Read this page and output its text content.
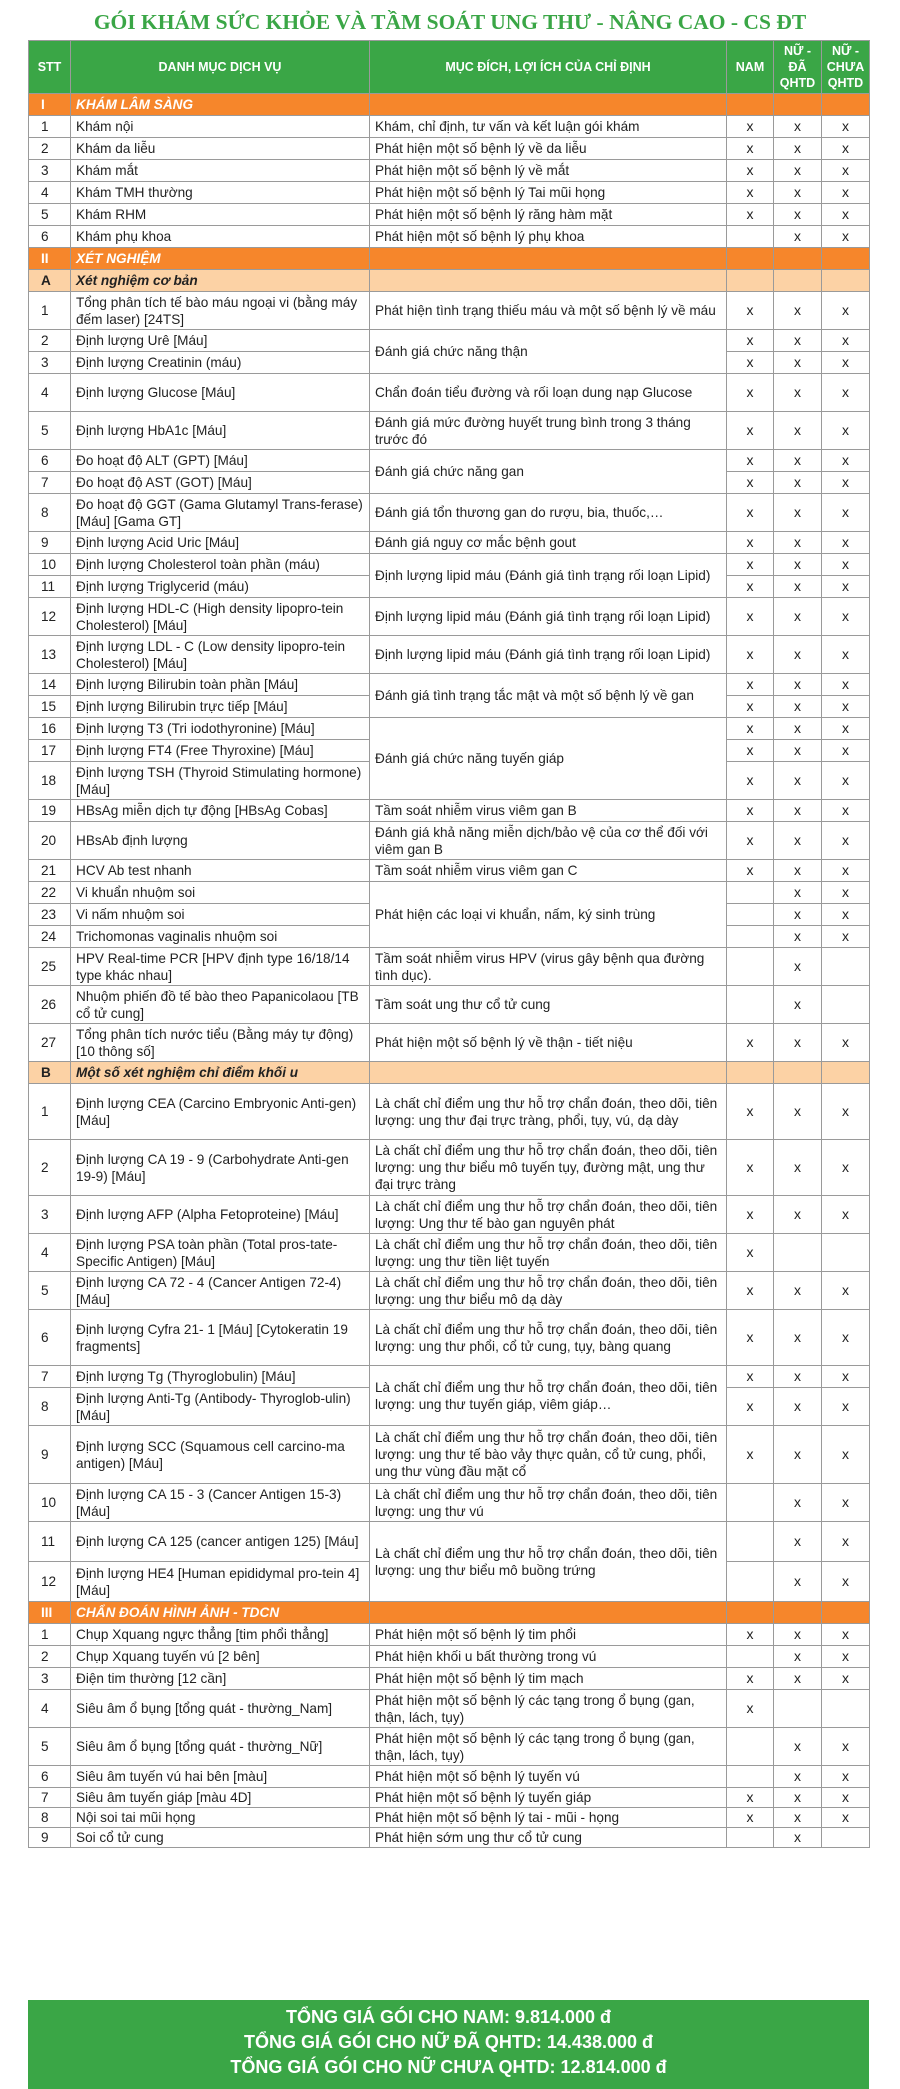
GÓI KHÁM SỨC KHỎE VÀ TẦM SOÁT UNG THƯ - NÂNG CAO - CS ĐT
STT	DANH MỤC DỊCH VỤ	MỤC ĐÍCH, LỢI ÍCH CỦA CHỈ ĐỊNH	NAM	NỮ - ĐÃ QHTD	NỮ - CHƯA QHTD
I	KHÁM LÂM SÀNG				
1	Khám nội	Khám, chỉ định, tư vấn và kết luận gói khám	x	x	x
2	Khám da liễu	Phát hiện một số bệnh lý về da liễu	x	x	x
3	Khám mắt	Phát hiện một số bệnh lý về mắt	x	x	x
4	Khám TMH thường	Phát hiện một số bệnh lý Tai mũi họng	x	x	x
5	Khám RHM	Phát hiện một số bệnh lý răng hàm mặt	x	x	x
6	Khám phụ khoa	Phát hiện một số bệnh lý phụ khoa		x	x
II	XÉT NGHIỆM				
A	Xét nghiệm cơ bản				
1	Tổng phân tích tế bào máu ngoại vi (bằng máy đếm laser) [24TS]	Phát hiện tình trạng thiếu máu và một số bệnh lý về máu	x	x	x
2	Định lượng Urê [Máu]	Đánh giá chức năng thận	x	x	x
3	Định lượng Creatinin (máu)		x	x	x
4	Định lượng Glucose [Máu]	Chẩn đoán tiểu đường và rối loạn dung nạp Glucose	x	x	x
5	Định lượng HbA1c [Máu]	Đánh giá mức đường huyết trung bình trong 3 tháng trước đó	x	x	x
6	Đo hoạt độ ALT (GPT) [Máu]	Đánh giá chức năng gan	x	x	x
7	Đo hoạt độ AST (GOT) [Máu]		x	x	x
8	Đo hoạt độ GGT (Gama Glutamyl Trans-ferase) [Máu] [Gama GT]	Đánh giá tổn thương gan do rượu, bia, thuốc,…	x	x	x
9	Định lượng Acid Uric [Máu]	Đánh giá nguy cơ mắc bệnh gout	x	x	x
10	Định lượng Cholesterol toàn phần (máu)	Định lượng lipid máu (Đánh giá tình trạng rối loạn Lipid)	x	x	x
11	Định lượng Triglycerid (máu)		x	x	x
12	Định lượng HDL-C (High density lipopro-tein Cholesterol) [Máu]	Định lượng lipid máu (Đánh giá tình trạng rối loạn Lipid)	x	x	x
13	Định lượng LDL - C (Low density lipopro-tein Cholesterol) [Máu]	Định lượng lipid máu (Đánh giá tình trạng rối loạn Lipid)	x	x	x
14	Định lượng Bilirubin toàn phần [Máu]	Đánh giá tình trạng tắc mật và một số bệnh lý về gan	x	x	x
15	Định lượng Bilirubin trực tiếp [Máu]		x	x	x
16	Định lượng T3 (Tri iodothyronine) [Máu]	Đánh giá chức năng tuyến giáp	x	x	x
17	Định lượng FT4 (Free Thyroxine) [Máu]		x	x	x
18	Định lượng TSH (Thyroid Stimulating hormone) [Máu]		x	x	x
19	HBsAg miễn dịch tự động [HBsAg Cobas]	Tầm soát nhiễm virus viêm gan B	x	x	x
20	HBsAb định lượng	Đánh giá khả năng miễn dịch/bảo vệ của cơ thể đối với viêm gan B	x	x	x
21	HCV Ab test nhanh	Tầm soát nhiễm virus viêm gan C	x	x	x
22	Vi khuẩn nhuộm soi	Phát hiện các loại vi khuẩn, nấm, ký sinh trùng		x	x
23	Vi nấm nhuộm soi			x	x
24	Trichomonas vaginalis nhuộm soi			x	x
25	HPV Real-time PCR [HPV định type 16/18/14 type khác nhau]	Tầm soát nhiễm virus HPV (virus gây bệnh qua đường tình dục).		x	
26	Nhuộm phiến đồ tế bào theo Papanicolaou [TB cổ tử cung]	Tầm soát ung thư cổ tử cung		x	
27	Tổng phân tích nước tiểu (Bằng máy tự động) [10 thông số]	Phát hiện một số bệnh lý về thận - tiết niệu	x	x	x
B	Một số xét nghiệm chỉ điểm khối u				
1	Định lượng CEA (Carcino Embryonic Anti-gen) [Máu]	Là chất chỉ điểm ung thư hỗ trợ chẩn đoán, theo dõi, tiên lượng: ung thư đại trực tràng, phổi, tụy, vú, dạ dày	x	x	x
2	Định lượng CA 19 - 9 (Carbohydrate Anti-gen 19-9) [Máu]	Là chất chỉ điểm ung thư hỗ trợ chẩn đoán, theo dõi, tiên lượng: ung thư biểu mô tuyến tụy, đường mật, ung thư đại trực tràng	x	x	x
3	Định lượng AFP (Alpha Fetoproteine) [Máu]	Là chất chỉ điểm ung thư hỗ trợ chẩn đoán, theo dõi, tiên lượng: Ung thư tế bào gan nguyên phát	x	x	x
4	Định lượng PSA toàn phần (Total pros-tate-Specific Antigen) [Máu]	Là chất chỉ điểm ung thư hỗ trợ chẩn đoán, theo dõi, tiên lượng: ung thư tiền liệt tuyến	x		
5	Định lượng CA 72 - 4 (Cancer Antigen 72-4) [Máu]	Là chất chỉ điểm ung thư hỗ trợ chẩn đoán, theo dõi, tiên lượng: ung thư biểu mô dạ dày	x	x	x
6	Định lượng Cyfra 21- 1 [Máu] [Cytokeratin 19 fragments]	Là chất chỉ điểm ung thư hỗ trợ chẩn đoán, theo dõi, tiên lượng: ung thư phổi, cổ tử cung, tụy, bàng quang	x	x	x
7	Định lượng Tg (Thyroglobulin) [Máu]	Là chất chỉ điểm ung thư hỗ trợ chẩn đoán, theo dõi, tiên lượng: ung thư tuyến giáp, viêm giáp…	x	x	x
8	Định lượng Anti-Tg (Antibody- Thyroglob-ulin) [Máu]		x	x	x
9	Định lượng SCC (Squamous cell carcino-ma antigen) [Máu]	Là chất chỉ điểm ung thư hỗ trợ chẩn đoán, theo dõi, tiên lượng: ung thư tế bào vảy thực quản, cổ tử cung, phổi, ung thư vùng đầu mặt cổ	x	x	x
10	Định lượng CA 15 - 3 (Cancer Antigen 15-3) [Máu]	Là chất chỉ điểm ung thư hỗ trợ chẩn đoán, theo dõi, tiên lượng: ung thư vú		x	x
11	Định lượng CA 125 (cancer antigen 125) [Máu]	Là chất chỉ điểm ung thư hỗ trợ chẩn đoán, theo dõi, tiên lượng: ung thư biểu mô buồng trứng		x	x
12	Định lượng HE4 [Human epididymal pro-tein 4] [Máu]			x	x
III	CHẨN ĐOÁN HÌNH ẢNH - TDCN				
1	Chụp Xquang ngực thẳng [tim phổi thẳng]	Phát hiện một số bệnh lý tim phổi	x	x	x
2	Chụp Xquang tuyến vú [2 bên]	Phát hiện khối u bất thường trong vú		x	x
3	Điện tim thường [12 cần]	Phát hiện một số bệnh lý tim mạch	x	x	x
4	Siêu âm ổ bụng [tổng quát - thường_Nam]	Phát hiện một số bệnh lý các tạng trong ổ bụng (gan, thận, lách, tụy)	x		
5	Siêu âm ổ bụng [tổng quát - thường_Nữ]	Phát hiện một số bệnh lý các tạng trong ổ bụng (gan, thận, lách, tụy)		x	x
6	Siêu âm tuyến vú hai bên [màu]	Phát hiện một số bệnh lý tuyến vú		x	x
7	Siêu âm tuyến giáp [màu 4D]	Phát hiện một số bệnh lý tuyến giáp	x	x	x
8	Nội soi tai mũi họng	Phát hiện một số bệnh lý tai - mũi - họng	x	x	x
9	Soi cổ tử cung	Phát hiện sớm ung thư cổ tử cung		x	
TỔNG GIÁ GÓI CHO NAM: 9.814.000 đ
TỔNG GIÁ GÓI CHO NỮ ĐÃ QHTD: 14.438.000 đ
TỔNG GIÁ GÓI CHO NỮ CHƯA QHTD: 12.814.000 đ
